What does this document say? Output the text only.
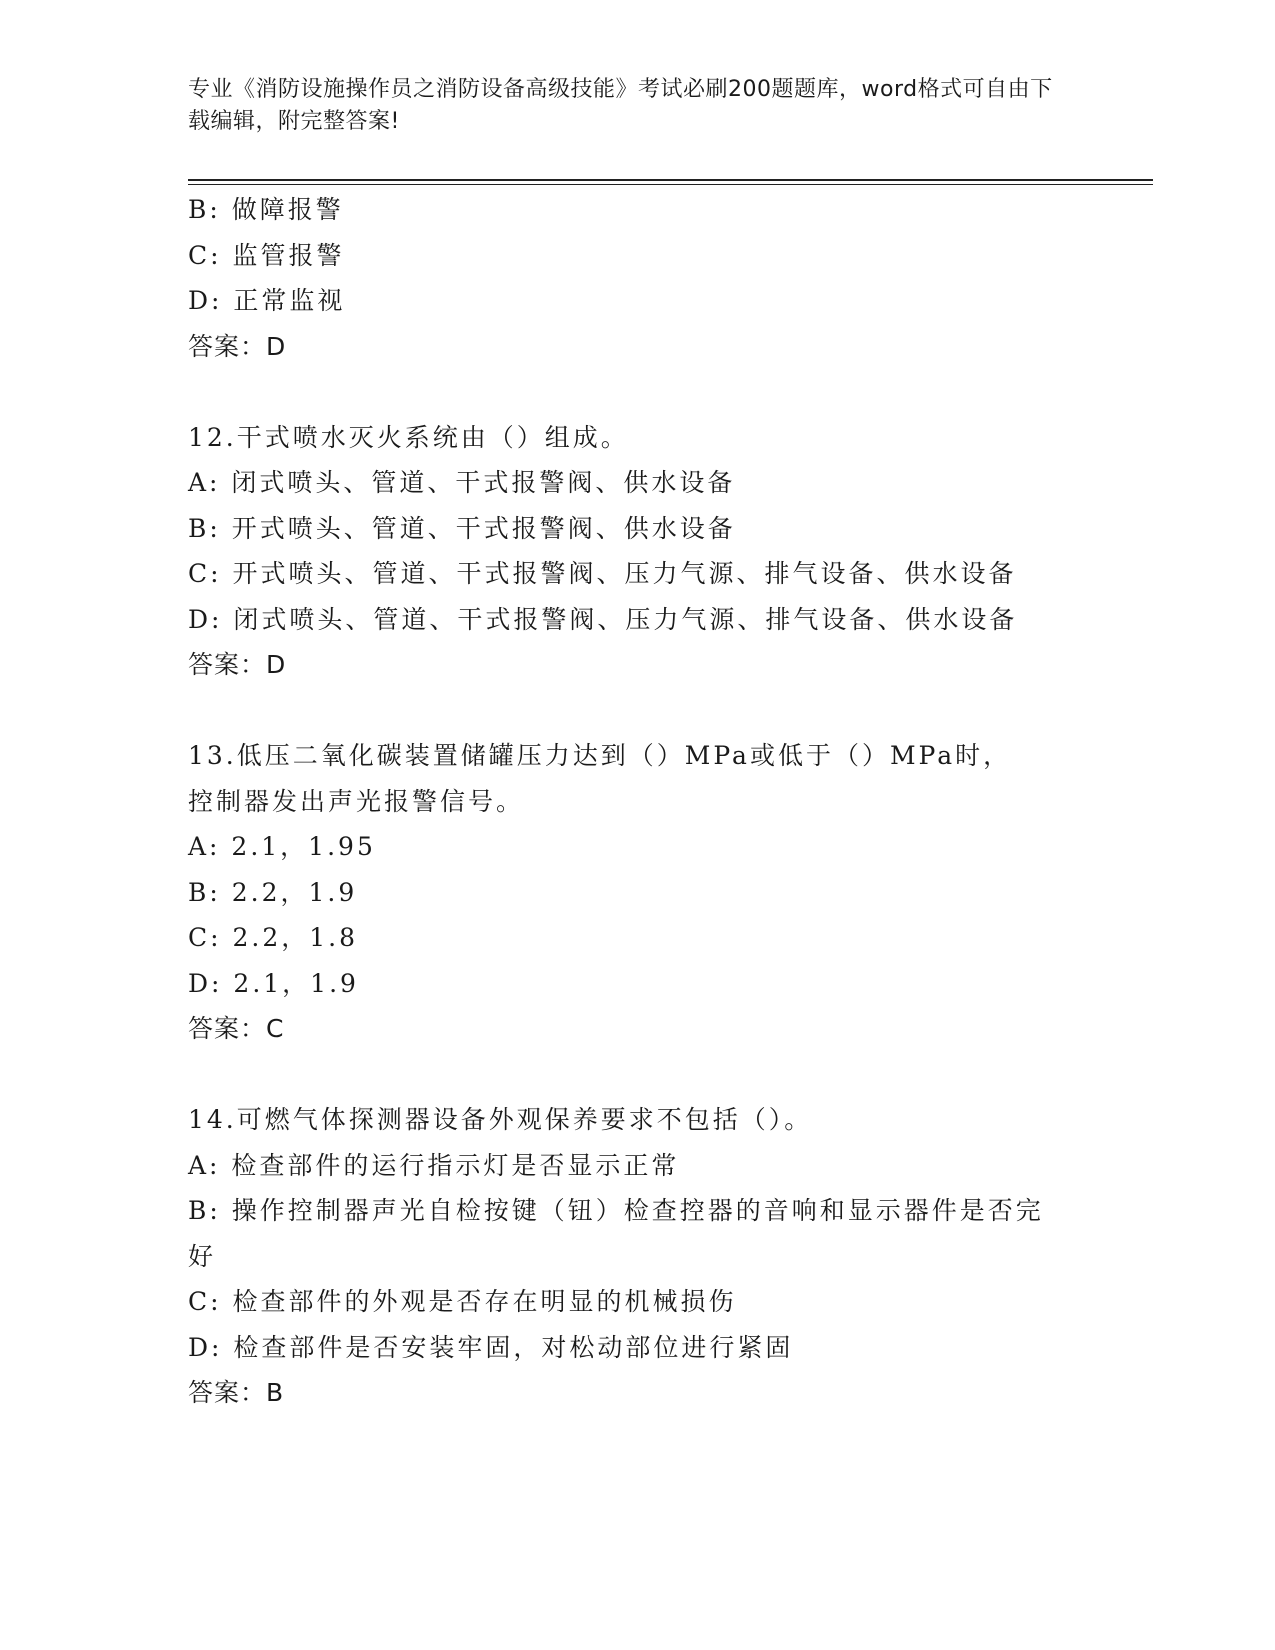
专业《消防设施操作员之消防设备高级技能》考试必刷200题题库，word格式可自由下载编辑，附完整答案!
B: 做障报警
C: 监管报警
D: 正常监视
答案：D
12.干式喷水灭火系统由（）组成。
A: 闭式喷头、管道、干式报警阀、供水设备
B: 开式喷头、管道、干式报警阀、供水设备
C: 开式喷头、管道、干式报警阀、压力气源、排气设备、供水设备
D: 闭式喷头、管道、干式报警阀、压力气源、排气设备、供水设备
答案：D
13.低压二氧化碳装置储罐压力达到（）MPa或低于（）MPa时，控制器发出声光报警信号。
A: 2.1，1.95
B: 2.2，1.9
C: 2.2，1.8
D: 2.1，1.9
答案：C
14.可燃气体探测器设备外观保养要求不包括（）。
A: 检查部件的运行指示灯是否显示正常
B: 操作控制器声光自检按键（钮）检查控器的音响和显示器件是否完好
C: 检查部件的外观是否存在明显的机械损伤
D: 检查部件是否安装牢固，对松动部位进行紧固
答案：B
